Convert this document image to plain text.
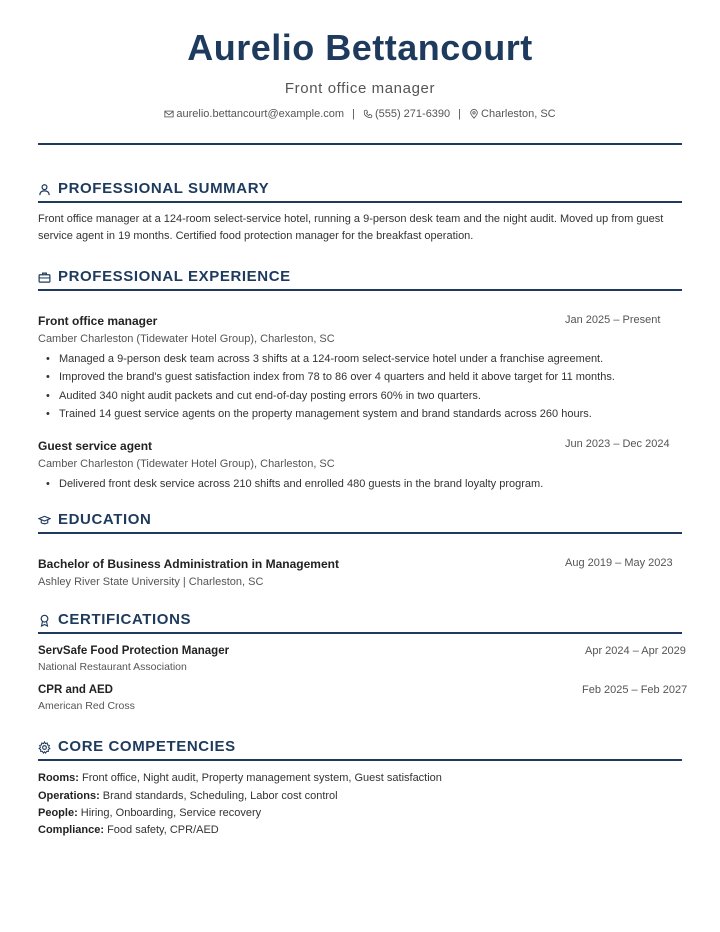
Aurelio Bettancourt
Front office manager
aurelio.bettancourt@example.com | (555) 271-6390 | Charleston, SC
PROFESSIONAL SUMMARY
Front office manager at a 124-room select-service hotel, running a 9-person desk team and the night audit. Moved up from guest
service agent in 19 months. Certified food protection manager for the breakfast operation.
PROFESSIONAL EXPERIENCE
Front office manager	Jan 2025 – Present
Camber Charleston (Tidewater Hotel Group), Charleston, SC
• Managed a 9-person desk team across 3 shifts at a 124-room select-service hotel under a franchise agreement.
• Improved the brand's guest satisfaction index from 78 to 86 over 4 quarters and held it above target for 11 months.
• Audited 340 night audit packets and cut end-of-day posting errors 60% in two quarters.
• Trained 14 guest service agents on the property management system and brand standards across 260 hours.
Guest service agent	Jun 2023 – Dec 2024
Camber Charleston (Tidewater Hotel Group), Charleston, SC
• Delivered front desk service across 210 shifts and enrolled 480 guests in the brand loyalty program.
EDUCATION
Bachelor of Business Administration in Management	Aug 2019 – May 2023
Ashley River State University | Charleston, SC
CERTIFICATIONS
ServSafe Food Protection Manager	Apr 2024 – Apr 2029
National Restaurant Association
CPR and AED	Feb 2025 – Feb 2027
American Red Cross
CORE COMPETENCIES
Rooms: Front office, Night audit, Property management system, Guest satisfaction
Operations: Brand standards, Scheduling, Labor cost control
People: Hiring, Onboarding, Service recovery
Compliance: Food safety, CPR/AED
